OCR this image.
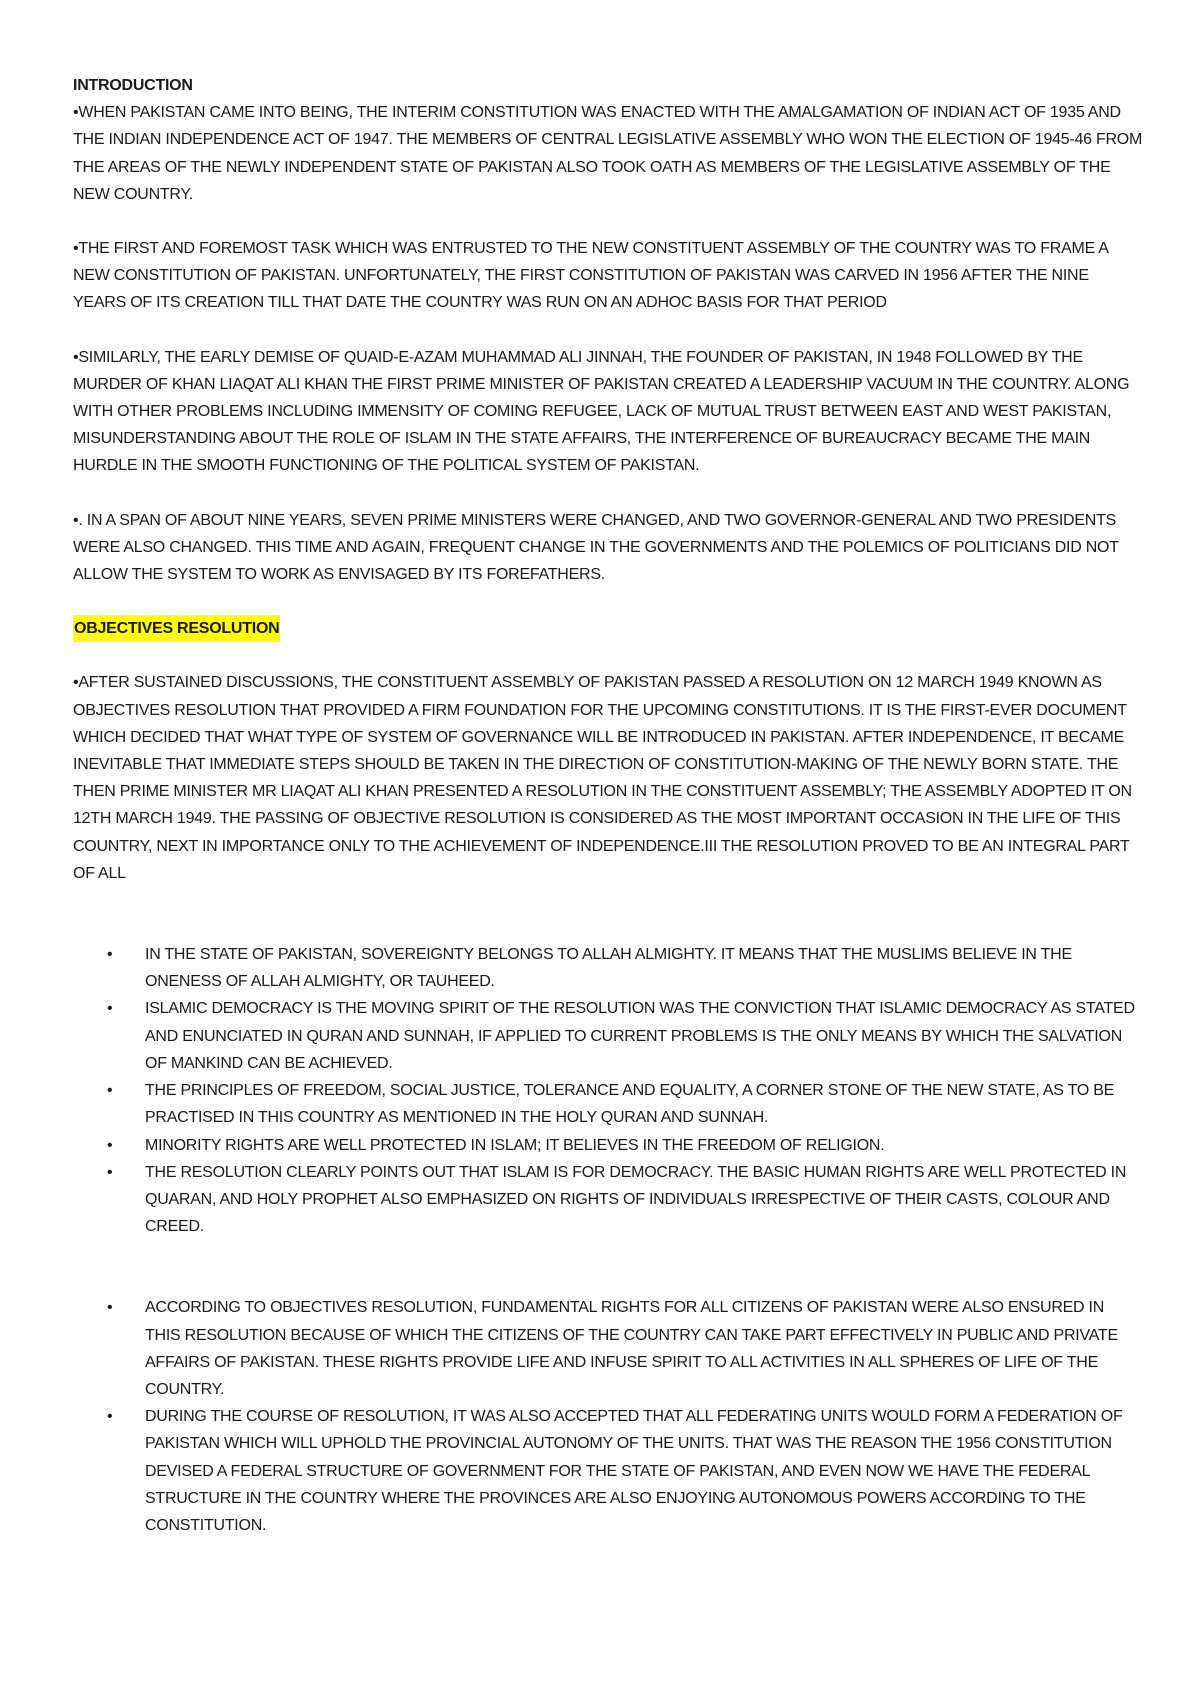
INTRODUCTION

•WHEN PAKISTAN CAME INTO BEING, THE INTERIM CONSTITUTION WAS ENACTED WITH THE AMALGAMATION OF INDIAN ACT OF 1935 AND THE INDIAN INDEPENDENCE ACT OF 1947. THE MEMBERS OF CENTRAL LEGISLATIVE ASSEMBLY WHO WON THE ELECTION OF 1945-46 FROM THE AREAS OF THE NEWLY INDEPENDENT STATE OF PAKISTAN ALSO TOOK OATH AS MEMBERS OF THE LEGISLATIVE ASSEMBLY OF THE NEW COUNTRY.

•THE FIRST AND FOREMOST TASK WHICH WAS ENTRUSTED TO THE NEW CONSTITUENT ASSEMBLY OF THE COUNTRY WAS TO FRAME A NEW CONSTITUTION OF PAKISTAN. UNFORTUNATELY, THE FIRST CONSTITUTION OF PAKISTAN WAS CARVED IN 1956 AFTER THE NINE YEARS OF ITS CREATION TILL THAT DATE THE COUNTRY WAS RUN ON AN ADHOC BASIS FOR THAT PERIOD

•SIMILARLY, THE EARLY DEMISE OF QUAID-E-AZAM MUHAMMAD ALI JINNAH, THE FOUNDER OF PAKISTAN, IN 1948 FOLLOWED BY THE MURDER OF KHAN LIAQAT ALI KHAN THE FIRST PRIME MINISTER OF PAKISTAN CREATED A LEADERSHIP VACUUM IN THE COUNTRY. ALONG WITH OTHER PROBLEMS INCLUDING IMMENSITY OF COMING REFUGEE, LACK OF MUTUAL TRUST BETWEEN EAST AND WEST PAKISTAN, MISUNDERSTANDING ABOUT THE ROLE OF ISLAM IN THE STATE AFFAIRS, THE INTERFERENCE OF BUREAUCRACY BECAME THE MAIN HURDLE IN THE SMOOTH FUNCTIONING OF THE POLITICAL SYSTEM OF PAKISTAN.

•. IN A SPAN OF ABOUT NINE YEARS, SEVEN PRIME MINISTERS WERE CHANGED, AND TWO GOVERNOR-GENERAL AND TWO PRESIDENTS WERE ALSO CHANGED. THIS TIME AND AGAIN, FREQUENT CHANGE IN THE GOVERNMENTS AND THE POLEMICS OF POLITICIANS DID NOT ALLOW THE SYSTEM TO WORK AS ENVISAGED BY ITS FOREFATHERS.

OBJECTIVES RESOLUTION

•AFTER SUSTAINED DISCUSSIONS, THE CONSTITUENT ASSEMBLY OF PAKISTAN PASSED A RESOLUTION ON 12 MARCH 1949 KNOWN AS OBJECTIVES RESOLUTION THAT PROVIDED A FIRM FOUNDATION FOR THE UPCOMING CONSTITUTIONS. IT IS THE FIRST-EVER DOCUMENT WHICH DECIDED THAT WHAT TYPE OF SYSTEM OF GOVERNANCE WILL BE INTRODUCED IN PAKISTAN. AFTER INDEPENDENCE, IT BECAME INEVITABLE THAT IMMEDIATE STEPS SHOULD BE TAKEN IN THE DIRECTION OF CONSTITUTION-MAKING OF THE NEWLY BORN STATE. THE THEN PRIME MINISTER MR LIAQAT ALI KHAN PRESENTED A RESOLUTION IN THE CONSTITUENT ASSEMBLY; THE ASSEMBLY ADOPTED IT ON 12TH MARCH 1949. THE PASSING OF OBJECTIVE RESOLUTION IS CONSIDERED AS THE MOST IMPORTANT OCCASION IN THE LIFE OF THIS COUNTRY, NEXT IN IMPORTANCE ONLY TO THE ACHIEVEMENT OF INDEPENDENCE.III THE RESOLUTION PROVED TO BE AN INTEGRAL PART OF ALL

• IN THE STATE OF PAKISTAN, SOVEREIGNTY BELONGS TO ALLAH ALMIGHTY. IT MEANS THAT THE MUSLIMS BELIEVE IN THE ONENESS OF ALLAH ALMIGHTY, OR TAUHEED.
• ISLAMIC DEMOCRACY IS THE MOVING SPIRIT OF THE RESOLUTION WAS THE CONVICTION THAT ISLAMIC DEMOCRACY AS STATED AND ENUNCIATED IN QURAN AND SUNNAH, IF APPLIED TO CURRENT PROBLEMS IS THE ONLY MEANS BY WHICH THE SALVATION OF MANKIND CAN BE ACHIEVED.
• THE PRINCIPLES OF FREEDOM, SOCIAL JUSTICE, TOLERANCE AND EQUALITY, A CORNER STONE OF THE NEW STATE, AS TO BE PRACTISED IN THIS COUNTRY AS MENTIONED IN THE HOLY QURAN AND SUNNAH.
• MINORITY RIGHTS ARE WELL PROTECTED IN ISLAM; IT BELIEVES IN THE FREEDOM OF RELIGION.
• THE RESOLUTION CLEARLY POINTS OUT THAT ISLAM IS FOR DEMOCRACY. THE BASIC HUMAN RIGHTS ARE WELL PROTECTED IN QUARAN, AND HOLY PROPHET ALSO EMPHASIZED ON RIGHTS OF INDIVIDUALS IRRESPECTIVE OF THEIR CASTS, COLOUR AND CREED.
• ACCORDING TO OBJECTIVES RESOLUTION, FUNDAMENTAL RIGHTS FOR ALL CITIZENS OF PAKISTAN WERE ALSO ENSURED IN THIS RESOLUTION BECAUSE OF WHICH THE CITIZENS OF THE COUNTRY CAN TAKE PART EFFECTIVELY IN PUBLIC AND PRIVATE AFFAIRS OF PAKISTAN. THESE RIGHTS PROVIDE LIFE AND INFUSE SPIRIT TO ALL ACTIVITIES IN ALL SPHERES OF LIFE OF THE COUNTRY.
• DURING THE COURSE OF RESOLUTION, IT WAS ALSO ACCEPTED THAT ALL FEDERATING UNITS WOULD FORM A FEDERATION OF PAKISTAN WHICH WILL UPHOLD THE PROVINCIAL AUTONOMY OF THE UNITS. THAT WAS THE REASON THE 1956 CONSTITUTION DEVISED A FEDERAL STRUCTURE OF GOVERNMENT FOR THE STATE OF PAKISTAN, AND EVEN NOW WE HAVE THE FEDERAL STRUCTURE IN THE COUNTRY WHERE THE PROVINCES ARE ALSO ENJOYING AUTONOMOUS POWERS ACCORDING TO THE CONSTITUTION.
